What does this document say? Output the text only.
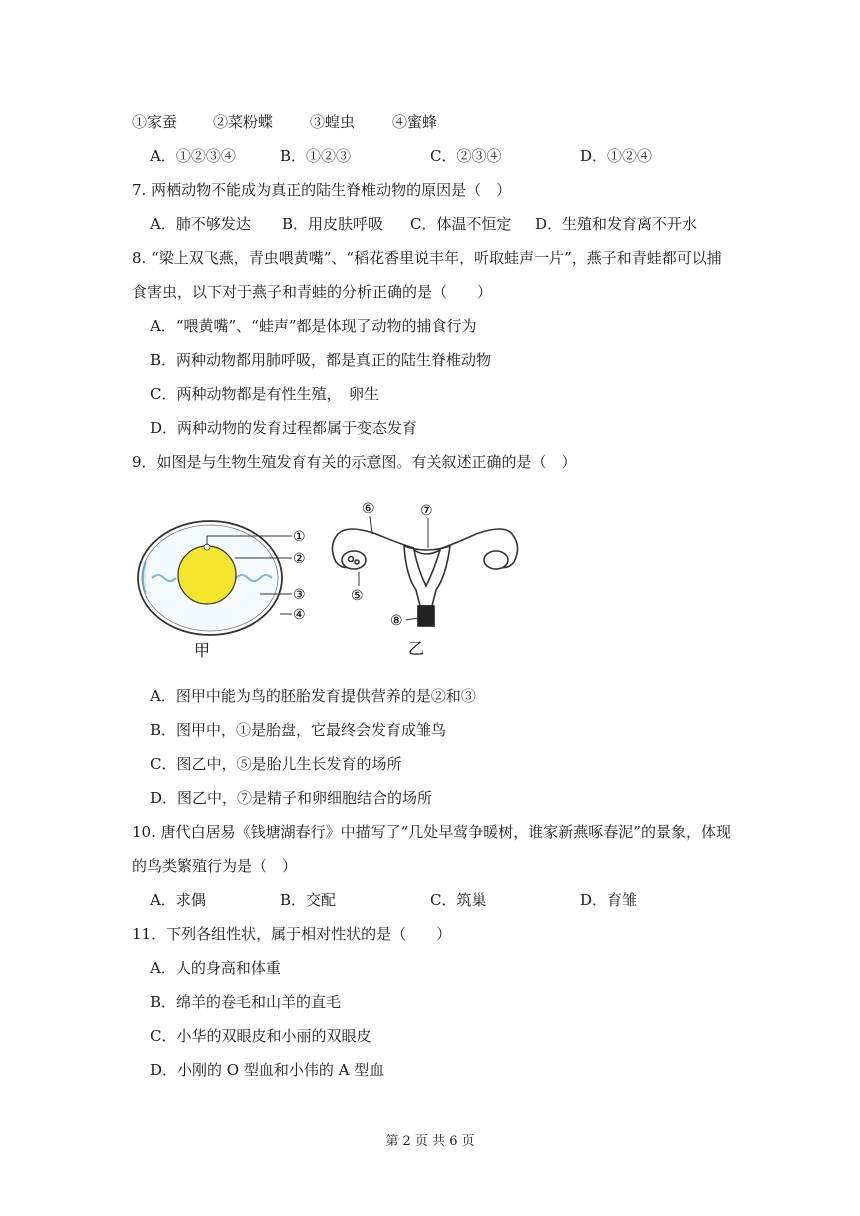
①家蚕 ②菜粉蝶 ③蝗虫 ④蜜蜂
A．①②③④	B．①②③	C．②③④	D．①②④
7. 两栖动物不能成为真正的陆生脊椎动物的原因是（　）
A．肺不够发达 B．用皮肤呼吸 C．体温不恒定 D．生殖和发育离不开水
8. “梁上双飞燕，青虫喂黄嘴”、“稻花香里说丰年，听取蛙声一片”，燕子和青蛙都可以捕
食害虫，以下对于燕子和青蛙的分析正确的是（　　）
A．“喂黄嘴”、“蛙声”都是体现了动物的捕食行为
B．两种动物都用肺呼吸，都是真正的陆生脊椎动物
C．两种动物都是有性生殖，　卵生
D．两种动物的发育过程都属于变态发育
9．如图是与生物生殖发育有关的示意图。有关叙述正确的是（　）
①
②
③
④
甲
⑥	⑦
⑤
⑧
乙
A．图甲中能为鸟的胚胎发育提供营养的是②和③
B．图甲中，①是胎盘，它最终会发育成雏鸟
C．图乙中，⑤是胎儿生长发育的场所
D．图乙中，⑦是精子和卵细胞结合的场所
10. 唐代白居易《钱塘湖春行》中描写了“几处早莺争暖树，谁家新燕啄春泥”的景象，体现
的鸟类繁殖行为是（　）
A．求偶	B．交配	C．筑巢	D．育雏
11．下列各组性状，属于相对性状的是（　　）
A．人的身高和体重
B．绵羊的卷毛和山羊的直毛
C．小华的双眼皮和小丽的双眼皮
D．小刚的 O 型血和小伟的 A 型血
第 2 页 共 6 页
